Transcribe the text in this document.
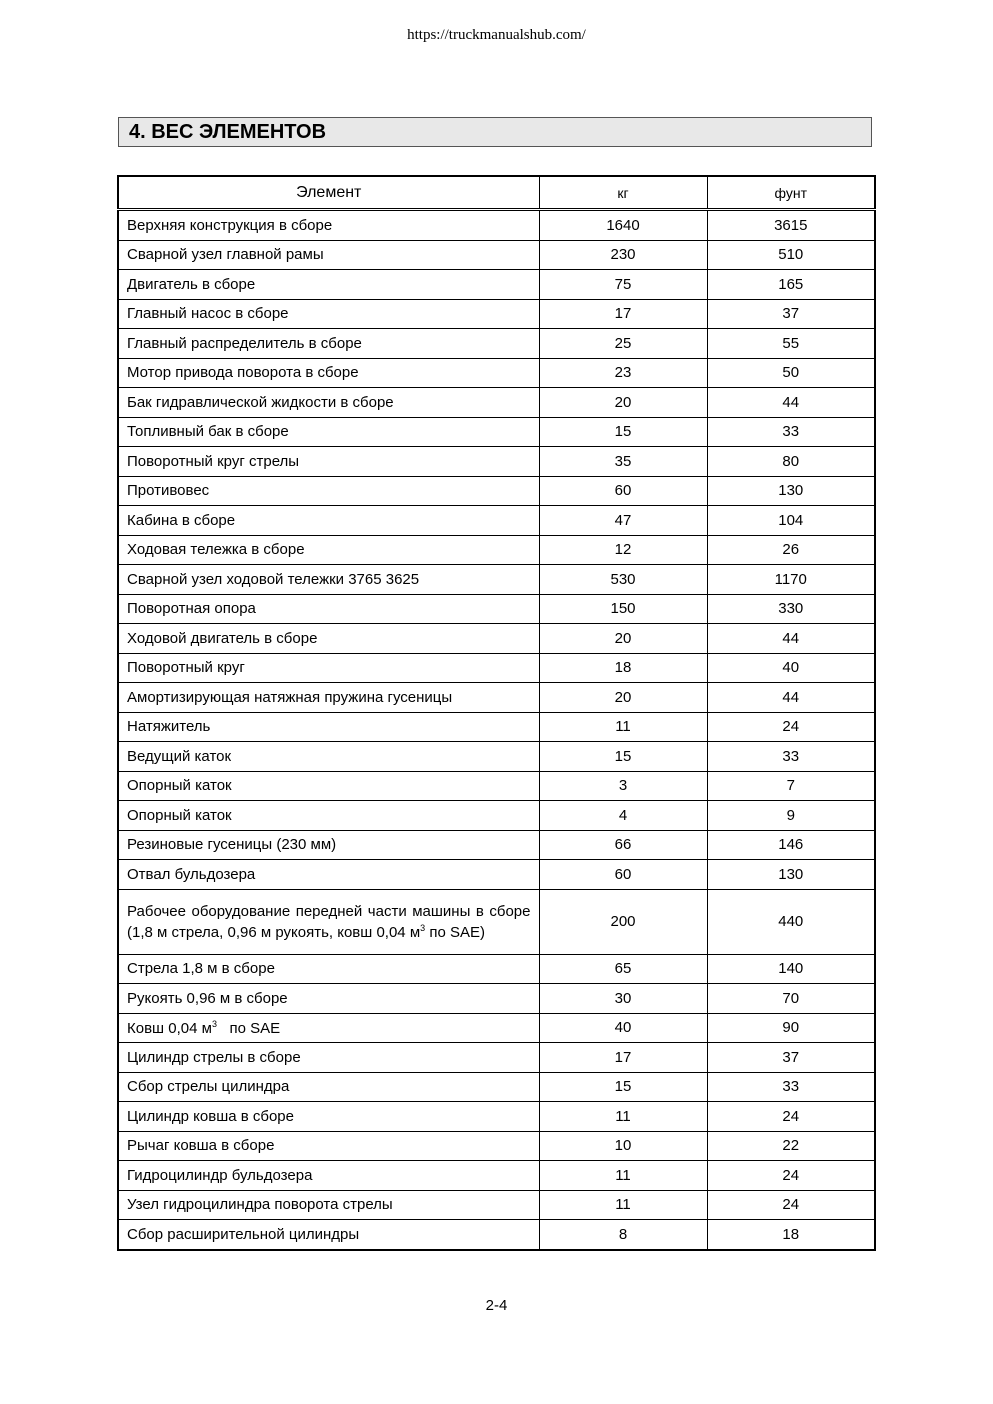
https://truckmanualshub.com/
4. ВЕС ЭЛЕМЕНТОВ
Элемент	кг	фунт
Верхняя конструкция в сборе	1640	3615
Сварной узел главной рамы	230	510
Двигатель в сборе	75	165
Главный насос в сборе	17	37
Главный распределитель в сборе	25	55
Мотор привода поворота в сборе	23	50
Бак гидравлической жидкости в сборе	20	44
Топливный бак в сборе	15	33
Поворотный круг стрелы	35	80
Противовес	60	130
Кабина в сборе	47	104
Ходовая тележка в сборе	12	26
Сварной узел ходовой тележки 3765 3625	530	1170
Поворотная опора	150	330
Ходовой двигатель в сборе	20	44
Поворотный круг	18	40
Амортизирующая натяжная пружина гусеницы	20	44
Натяжитель	11	24
Ведущий каток	15	33
Опорный каток	3	7
Опорный каток	4	9
Резиновые гусеницы (230 мм)	66	146
Отвал бульдозера	60	130
Рабочее оборудование передней части машины в сборе (1,8 м стрела, 0,96 м рукоять, ковш 0,04 $м^3$ по SAE)	200	440
Стрела 1,8 м в сборе	65	140
Рукоять 0,96 м в сборе	30	70
Ковш 0,04 $м^3$   по SAE	40	90
Цилиндр стрелы в сборе	17	37
Сбор стрелы цилиндра	15	33
Цилиндр ковша в сборе	11	24
Рычаг ковша в сборе	10	22
Гидроцилиндр бульдозера	11	24
Узел гидроцилиндра поворота стрелы	11	24
Сбор расширительной цилиндры	8	18
2-4
